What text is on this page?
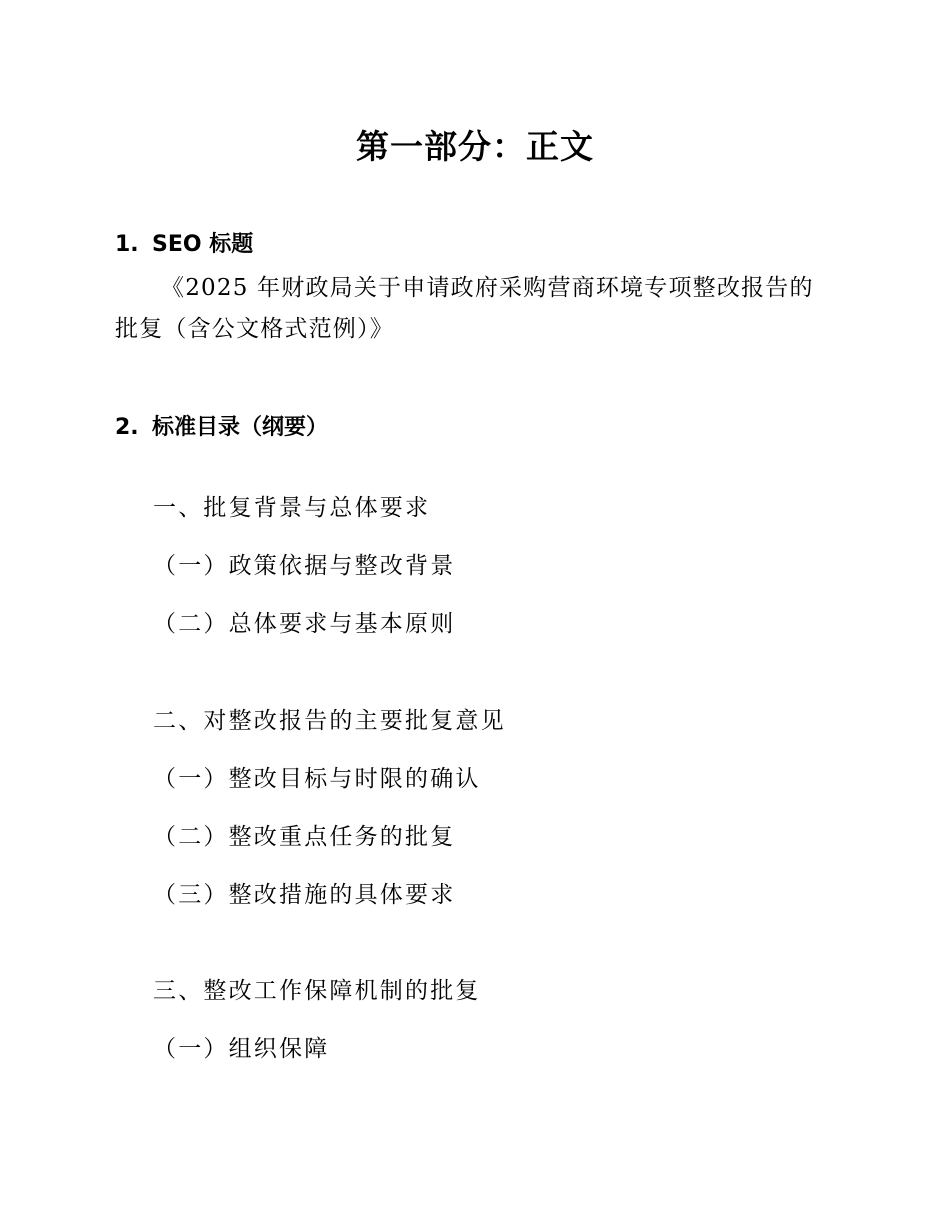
第一部分：正文
1. SEO 标题
《2025 年财政局关于申请政府采购营商环境专项整改报告的批复（含公文格式范例）》
2. 标准目录（纲要）
一、批复背景与总体要求
（一）政策依据与整改背景
（二）总体要求与基本原则
二、对整改报告的主要批复意见
（一）整改目标与时限的确认
（二）整改重点任务的批复
（三）整改措施的具体要求
三、整改工作保障机制的批复
（一）组织保障
